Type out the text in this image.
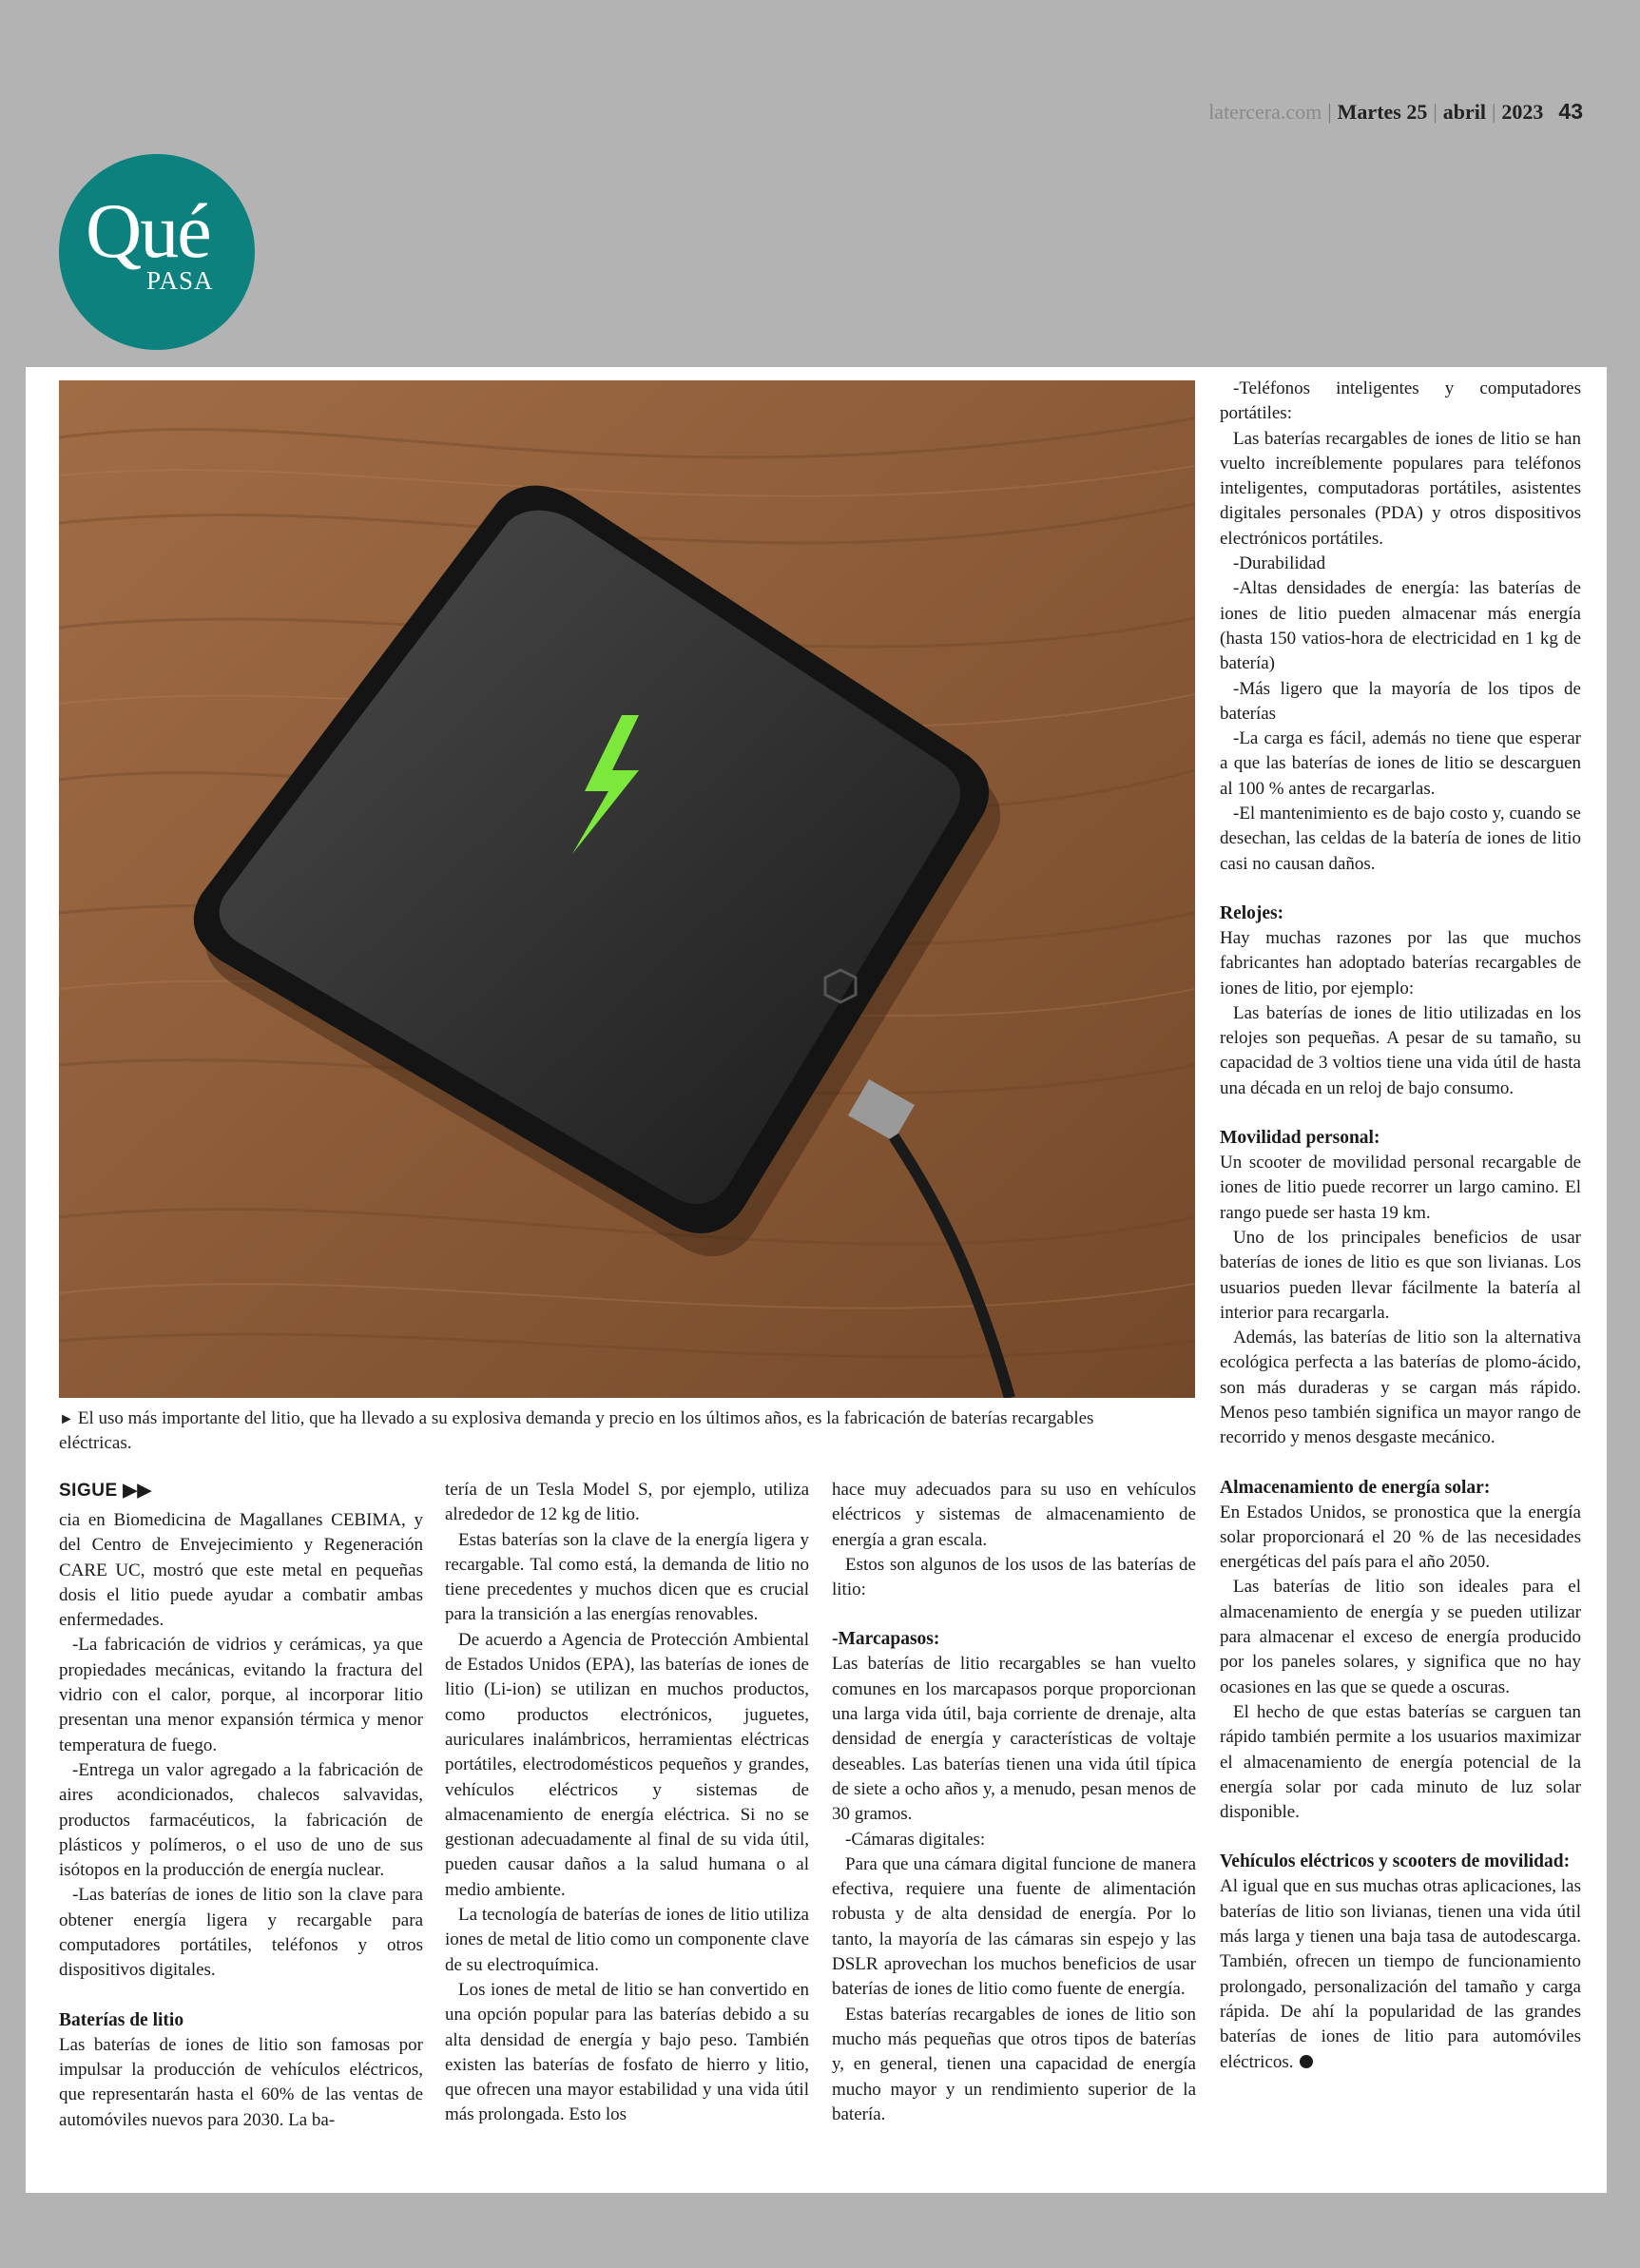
latercera.com | Martes 25 | abril | 2023 43
Qué
PASA
► El uso más importante del litio, que ha llevado a su explosiva demanda y precio en los últimos años, es la fabricación de baterías recargables eléctricas.
SIGUE ▶▶

cia en Biomedicina de Magallanes CEBIMA, y del Centro de Envejecimiento y Regeneración CARE UC, mostró que este metal en pequeñas dosis el litio puede ayudar a combatir ambas enfermedades.

-La fabricación de vidrios y cerámicas, ya que propiedades mecánicas, evitando la fractura del vidrio con el calor, porque, al incorporar litio presentan una menor expansión térmica y menor temperatura de fuego.

-Entrega un valor agregado a la fabricación de aires acondicionados, chalecos salvavidas, productos farmacéuticos, la fabricación de plásticos y polímeros, o el uso de uno de sus isótopos en la producción de energía nuclear.

-Las baterías de iones de litio son la clave para obtener energía ligera y recargable para computadores portátiles, teléfonos y otros dispositivos digitales.

Baterías de litio

Las baterías de iones de litio son famosas por impulsar la producción de vehículos eléctricos, que representarán hasta el 60% de las ventas de automóviles nuevos para 2030. La ba-

tería de un Tesla Model S, por ejemplo, utiliza alrededor de 12 kg de litio.

Estas baterías son la clave de la energía ligera y recargable. Tal como está, la demanda de litio no tiene precedentes y muchos dicen que es crucial para la transición a las energías renovables.

De acuerdo a Agencia de Protección Ambiental de Estados Unidos (EPA), las baterías de iones de litio (Li-ion) se utilizan en muchos productos, como productos electrónicos, juguetes, auriculares inalámbricos, herramientas eléctricas portátiles, electrodomésticos pequeños y grandes, vehículos eléctricos y sistemas de almacenamiento de energía eléctrica. Si no se gestionan adecuadamente al final de su vida útil, pueden causar daños a la salud humana o al medio ambiente.

La tecnología de baterías de iones de litio utiliza iones de metal de litio como un componente clave de su electroquímica.

Los iones de metal de litio se han convertido en una opción popular para las baterías debido a su alta densidad de energía y bajo peso. También existen las baterías de fosfato de hierro y litio, que ofrecen una mayor estabilidad y una vida útil más prolongada. Esto los

hace muy adecuados para su uso en vehículos eléctricos y sistemas de almacenamiento de energía a gran escala.

Estos son algunos de los usos de las baterías de litio:

-Marcapasos:

Las baterías de litio recargables se han vuelto comunes en los marcapasos porque proporcionan una larga vida útil, baja corriente de drenaje, alta densidad de energía y características de voltaje deseables. Las baterías tienen una vida útil típica de siete a ocho años y, a menudo, pesan menos de 30 gramos.

-Cámaras digitales:

Para que una cámara digital funcione de manera efectiva, requiere una fuente de alimentación robusta y de alta densidad de energía. Por lo tanto, la mayoría de las cámaras sin espejo y las DSLR aprovechan los muchos beneficios de usar baterías de iones de litio como fuente de energía.

Estas baterías recargables de iones de litio son mucho más pequeñas que otros tipos de baterías y, en general, tienen una capacidad de energía mucho mayor y un rendimiento superior de la batería.

-Teléfonos inteligentes y computadores portátiles:

Las baterías recargables de iones de litio se han vuelto increíblemente populares para teléfonos inteligentes, computadoras portátiles, asistentes digitales personales (PDA) y otros dispositivos electrónicos portátiles.

-Durabilidad

-Altas densidades de energía: las baterías de iones de litio pueden almacenar más energía (hasta 150 vatios-hora de electricidad en 1 kg de batería)

-Más ligero que la mayoría de los tipos de baterías

-La carga es fácil, además no tiene que esperar a que las baterías de iones de litio se descarguen al 100 % antes de recargarlas.

-El mantenimiento es de bajo costo y, cuando se desechan, las celdas de la batería de iones de litio casi no causan daños.

Relojes:

Hay muchas razones por las que muchos fabricantes han adoptado baterías recargables de iones de litio, por ejemplo:

Las baterías de iones de litio utilizadas en los relojes son pequeñas. A pesar de su tamaño, su capacidad de 3 voltios tiene una vida útil de hasta una década en un reloj de bajo consumo.

Movilidad personal:

Un scooter de movilidad personal recargable de iones de litio puede recorrer un largo camino. El rango puede ser hasta 19 km.

Uno de los principales beneficios de usar baterías de iones de litio es que son livianas. Los usuarios pueden llevar fácilmente la batería al interior para recargarla.

Además, las baterías de litio son la alternativa ecológica perfecta a las baterías de plomo-ácido, son más duraderas y se cargan más rápido. Menos peso también significa un mayor rango de recorrido y menos desgaste mecánico.

Almacenamiento de energía solar:

En Estados Unidos, se pronostica que la energía solar proporcionará el 20 % de las necesidades energéticas del país para el año 2050.

Las baterías de litio son ideales para el almacenamiento de energía y se pueden utilizar para almacenar el exceso de energía producido por los paneles solares, y significa que no hay ocasiones en las que se quede a oscuras.

El hecho de que estas baterías se carguen tan rápido también permite a los usuarios maximizar el almacenamiento de energía potencial de la energía solar por cada minuto de luz solar disponible.

Vehículos eléctricos y scooters de movilidad:

Al igual que en sus muchas otras aplicaciones, las baterías de litio son livianas, tienen una vida útil más larga y tienen una baja tasa de autodescarga. También, ofrecen un tiempo de funcionamiento prolongado, personalización del tamaño y carga rápida. De ahí la popularidad de las grandes baterías de iones de litio para automóviles eléctricos.
